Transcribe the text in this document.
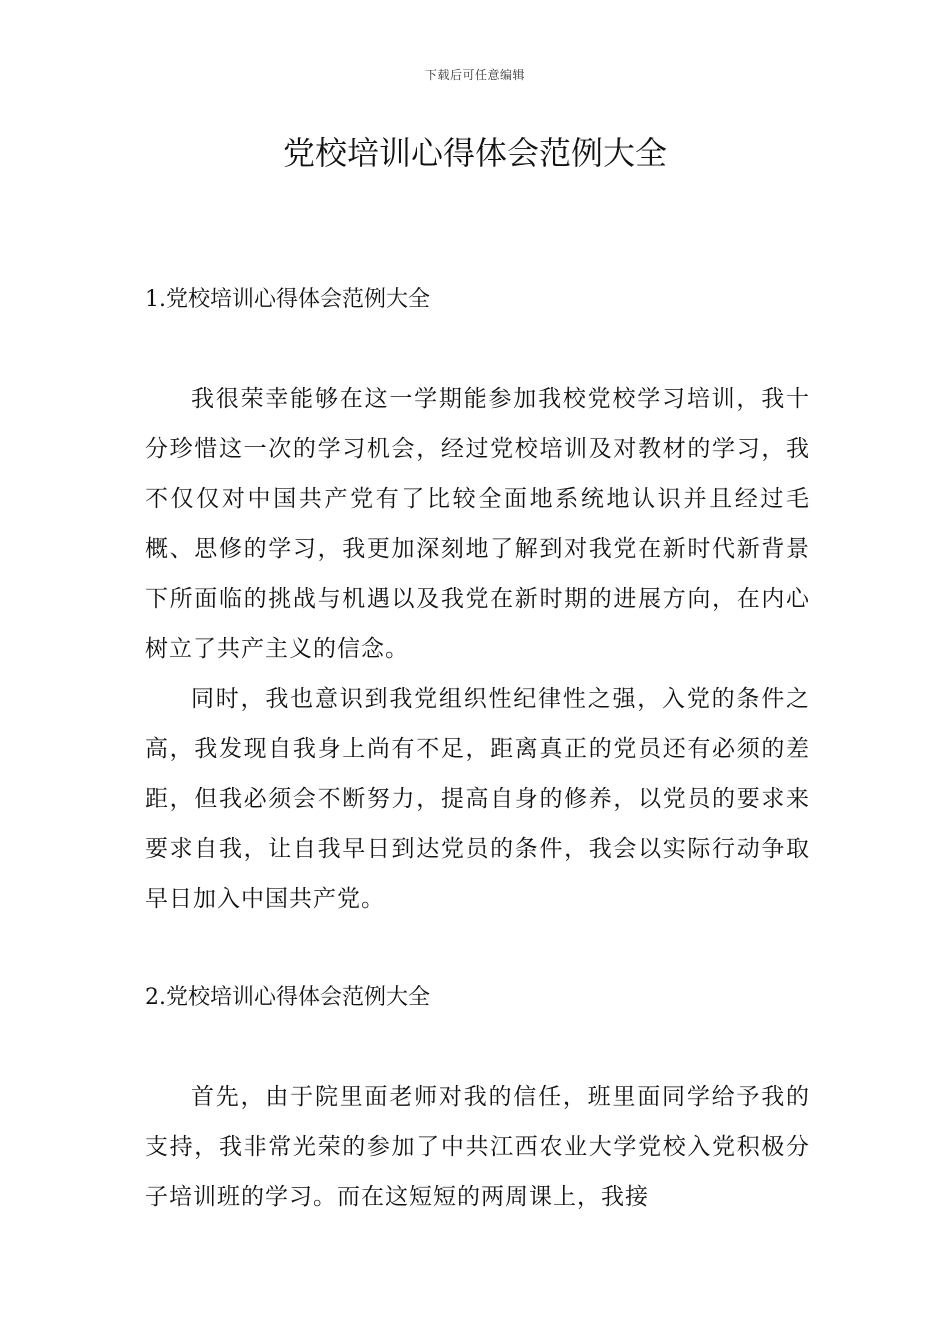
下载后可任意编辑
党校培训心得体会范例大全

1.党校培训心得体会范例大全

我很荣幸能够在这一学期能参加我校党校学习培训，我十分珍惜这一次的学习机会，经过党校培训及对教材的学习，我不仅仅对中国共产党有了比较全面地系统地认识并且经过毛概、思修的学习，我更加深刻地了解到对我党在新时代新背景下所面临的挑战与机遇以及我党在新时期的进展方向，在内心树立了共产主义的信念。

同时，我也意识到我党组织性纪律性之强，入党的条件之高，我发现自我身上尚有不足，距离真正的党员还有必须的差距，但我必须会不断努力，提高自身的修养，以党员的要求来要求自我，让自我早日到达党员的条件，我会以实际行动争取早日加入中国共产党。

2.党校培训心得体会范例大全

首先，由于院里面老师对我的信任，班里面同学给予我的支持，我非常光荣的参加了中共江西农业大学党校入党积极分子培训班的学习。而在这短短的两周课上，我接
